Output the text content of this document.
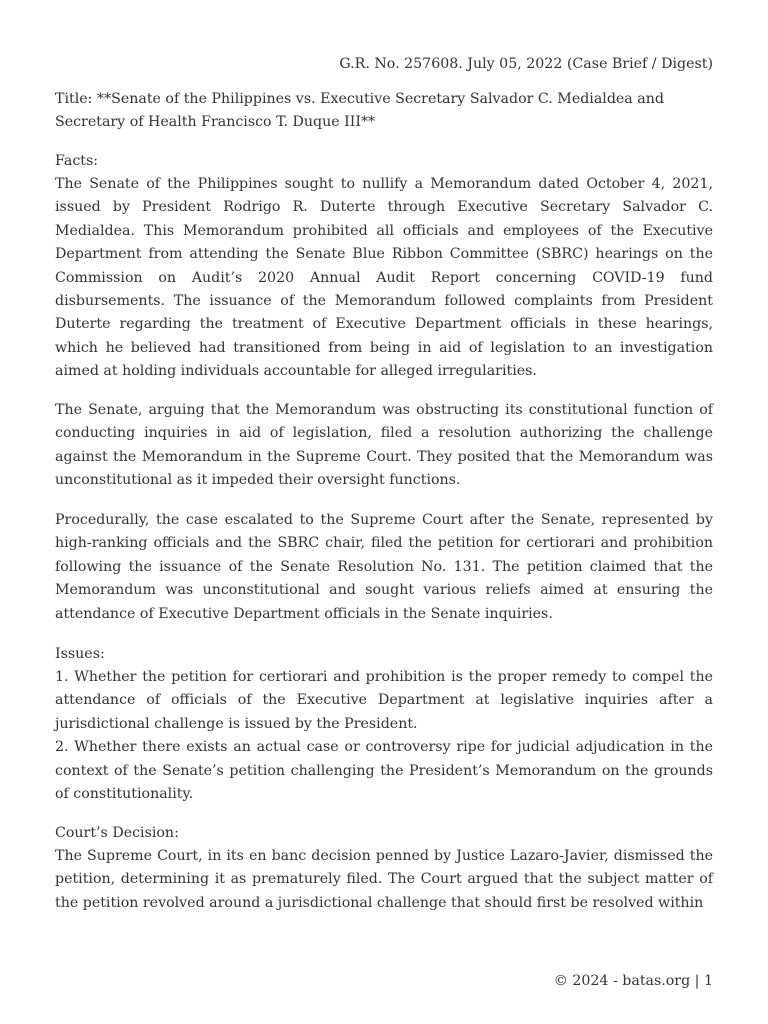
G.R. No. 257608. July 05, 2022 (Case Brief / Digest)
Title: **Senate of the Philippines vs. Executive Secretary Salvador C. Medialdea and Secretary of Health Francisco T. Duque III**
Facts:
The Senate of the Philippines sought to nullify a Memorandum dated October 4, 2021, issued by President Rodrigo R. Duterte through Executive Secretary Salvador C. Medialdea. This Memorandum prohibited all officials and employees of the Executive Department from attending the Senate Blue Ribbon Committee (SBRC) hearings on the Commission on Audit’s 2020 Annual Audit Report concerning COVID-19 fund disbursements. The issuance of the Memorandum followed complaints from President Duterte regarding the treatment of Executive Department officials in these hearings, which he believed had transitioned from being in aid of legislation to an investigation aimed at holding individuals accountable for alleged irregularities.
The Senate, arguing that the Memorandum was obstructing its constitutional function of conducting inquiries in aid of legislation, filed a resolution authorizing the challenge against the Memorandum in the Supreme Court. They posited that the Memorandum was unconstitutional as it impeded their oversight functions.
Procedurally, the case escalated to the Supreme Court after the Senate, represented by high-ranking officials and the SBRC chair, filed the petition for certiorari and prohibition following the issuance of the Senate Resolution No. 131. The petition claimed that the Memorandum was unconstitutional and sought various reliefs aimed at ensuring the attendance of Executive Department officials in the Senate inquiries.
Issues:
1. Whether the petition for certiorari and prohibition is the proper remedy to compel the attendance of officials of the Executive Department at legislative inquiries after a jurisdictional challenge is issued by the President.
2. Whether there exists an actual case or controversy ripe for judicial adjudication in the context of the Senate’s petition challenging the President’s Memorandum on the grounds of constitutionality.
Court’s Decision:
The Supreme Court, in its en banc decision penned by Justice Lazaro-Javier, dismissed the petition, determining it as prematurely filed. The Court argued that the subject matter of the petition revolved around a jurisdictional challenge that should first be resolved within
© 2024 - batas.org | 1
